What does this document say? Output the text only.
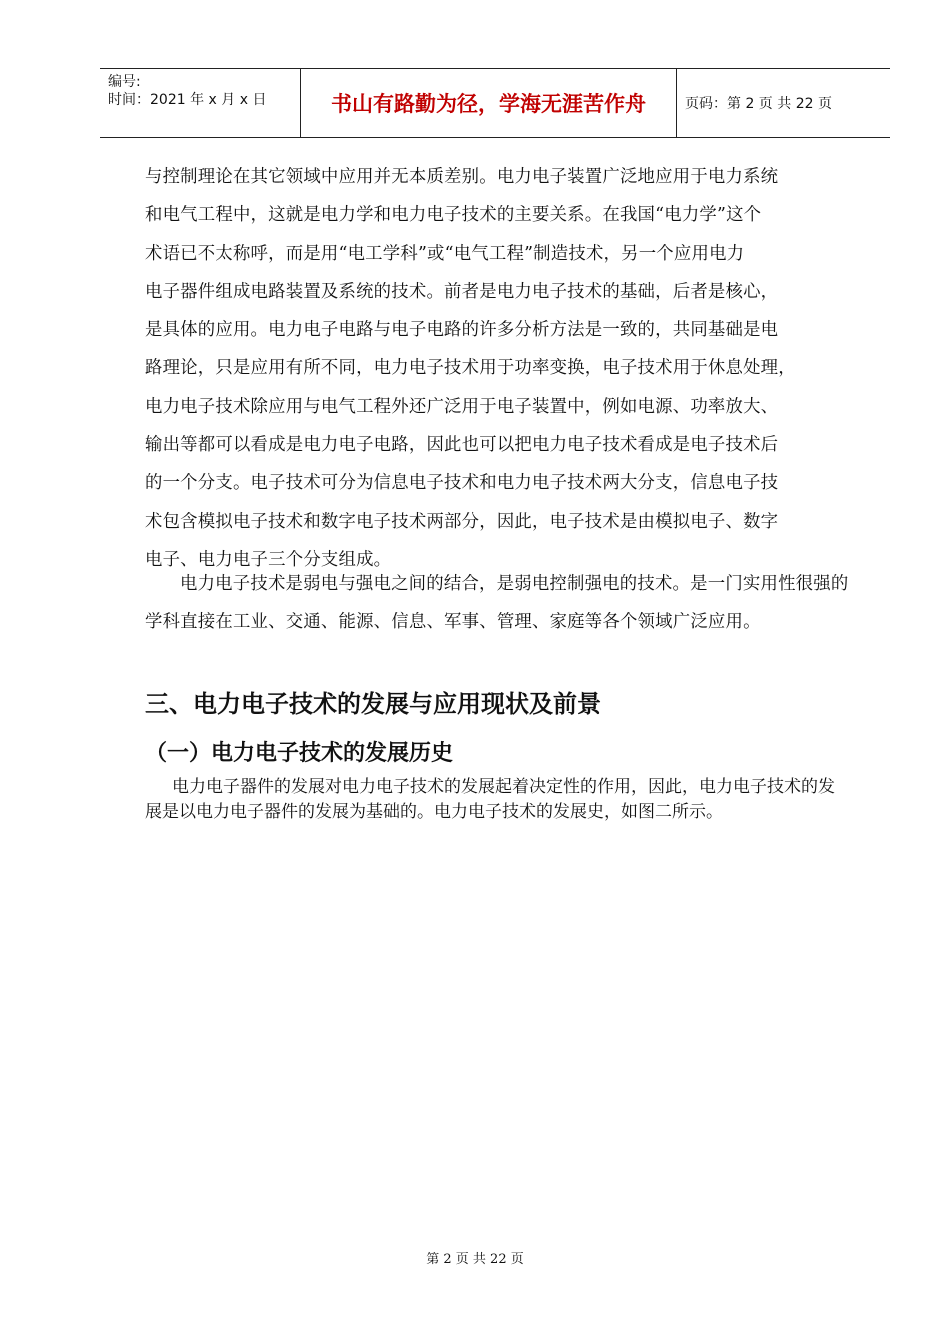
编号:
时间：2021 年 x 月 x 日	书山有路勤为径，学海无涯苦作舟	页码：第 2 页 共 22 页
与控制理论在其它领域中应用并无本质差别。电力电子装置广泛地应用于电力系统
和电气工程中，这就是电力学和电力电子技术的主要关系。在我国“电力学”这个
术语已不太称呼，而是用“电工学科”或“电气工程”制造技术，另一个应用电力
电子器件组成电路装置及系统的技术。前者是电力电子技术的基础，后者是核心，
是具体的应用。电力电子电路与电子电路的许多分析方法是一致的，共同基础是电
路理论，只是应用有所不同，电力电子技术用于功率变换，电子技术用于休息处理，
电力电子技术除应用与电气工程外还广泛用于电子装置中，例如电源、功率放大、
输出等都可以看成是电力电子电路，因此也可以把电力电子技术看成是电子技术后
的一个分支。电子技术可分为信息电子技术和电力电子技术两大分支，信息电子技
术包含模拟电子技术和数字电子技术两部分，因此，电子技术是由模拟电子、数字
电子、电力电子三个分支组成。
电力电子技术是弱电与强电之间的结合，是弱电控制强电的技术。是一门实用性很强的学科直接在工业、交通、能源、信息、军事、管理、家庭等各个领域广泛应用。
三、电力电子技术的发展与应用现状及前景
（一）电力电子技术的发展历史
电力电子器件的发展对电力电子技术的发展起着决定性的作用，因此，电力电子技术的发展是以电力电子器件的发展为基础的。电力电子技术的发展史，如图二所示。
第 2 页 共 22 页
